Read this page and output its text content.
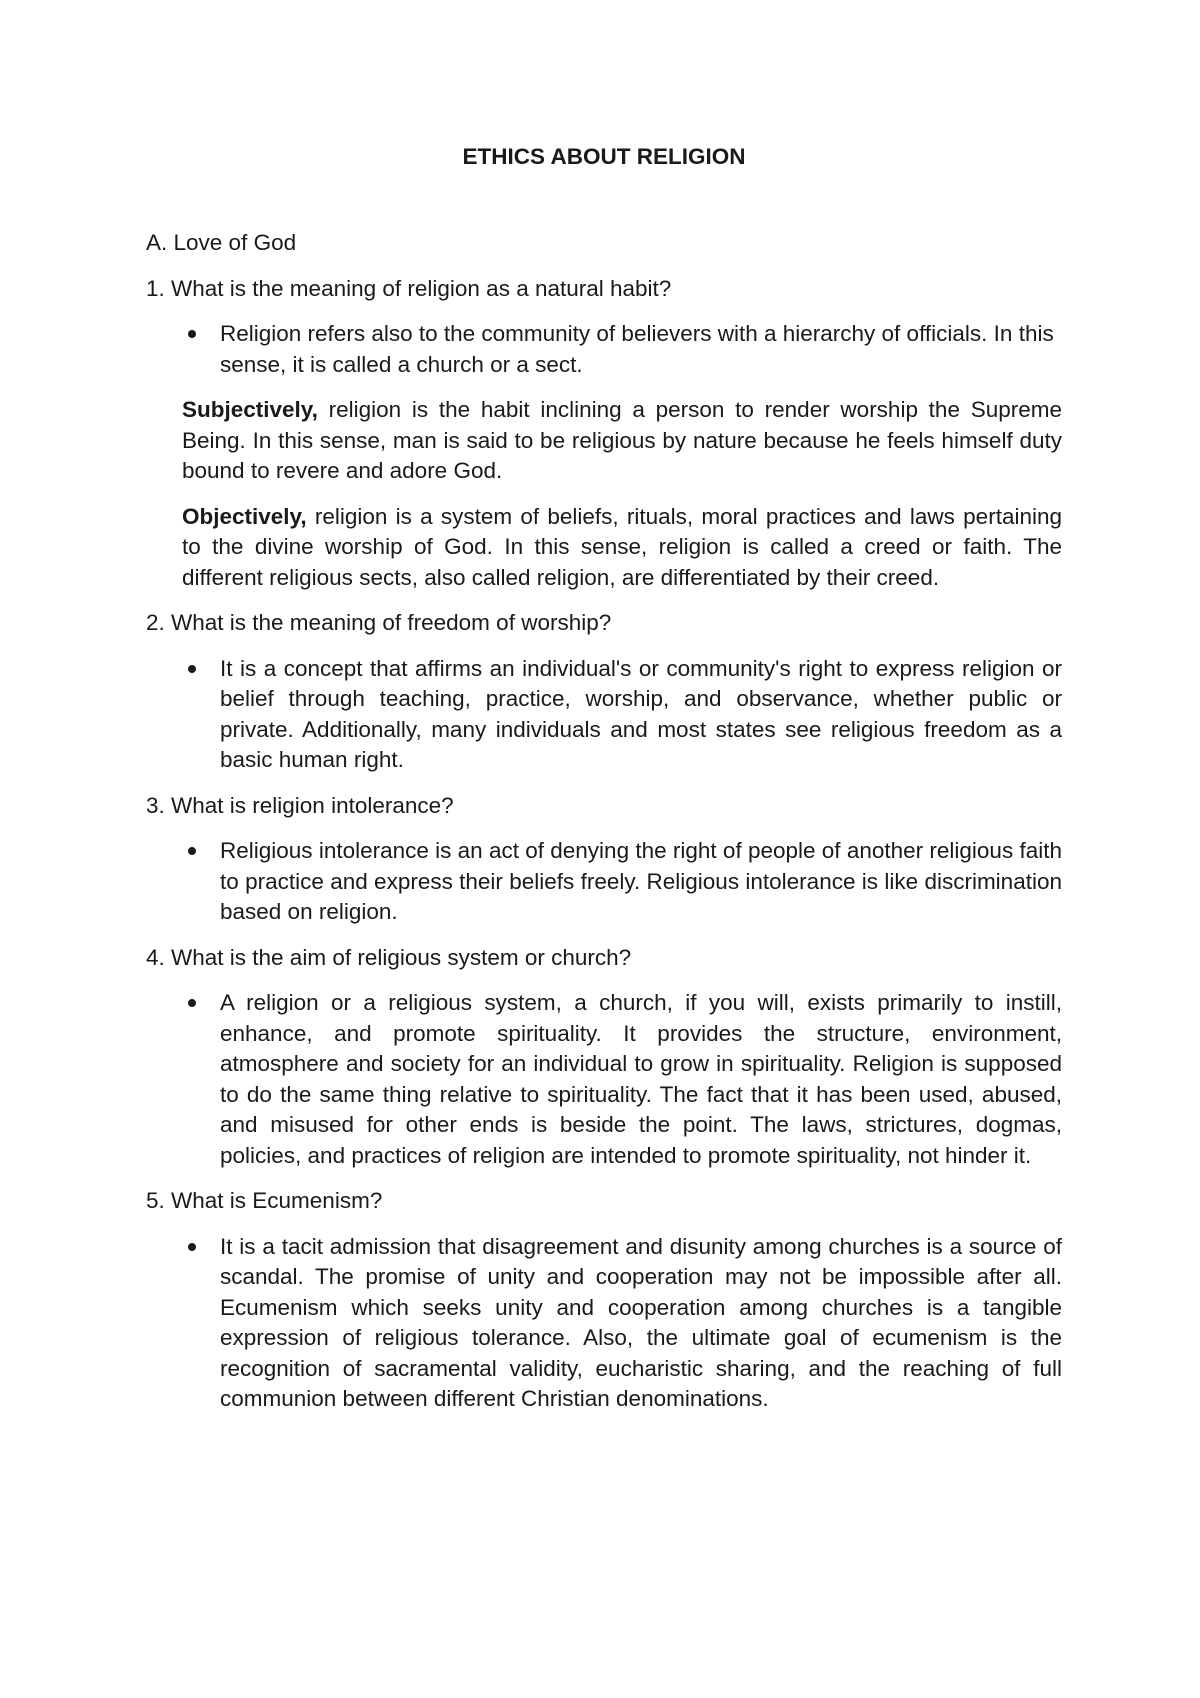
ETHICS ABOUT RELIGION
A. Love of God
1. What is the meaning of religion as a natural habit?
Religion refers also to the community of believers with a hierarchy of officials. In this sense, it is called a church or a sect.
Subjectively, religion is the habit inclining a person to render worship the Supreme Being. In this sense, man is said to be religious by nature because he feels himself duty bound to revere and adore God.
Objectively, religion is a system of beliefs, rituals, moral practices and laws pertaining to the divine worship of God. In this sense, religion is called a creed or faith. The different religious sects, also called religion, are differentiated by their creed.
2. What is the meaning of freedom of worship?
It is a concept that affirms an individual's or community's right to express religion or belief through teaching, practice, worship, and observance, whether public or private. Additionally, many individuals and most states see religious freedom as a basic human right.
3. What is religion intolerance?
Religious intolerance is an act of denying the right of people of another religious faith to practice and express their beliefs freely. Religious intolerance is like discrimination based on religion.
4. What is the aim of religious system or church?
A religion or a religious system, a church, if you will, exists primarily to instill, enhance, and promote spirituality. It provides the structure, environment, atmosphere and society for an individual to grow in spirituality. Religion is supposed to do the same thing relative to spirituality. The fact that it has been used, abused, and misused for other ends is beside the point. The laws, strictures, dogmas, policies, and practices of religion are intended to promote spirituality, not hinder it.
5. What is Ecumenism?
It is a tacit admission that disagreement and disunity among churches is a source of scandal. The promise of unity and cooperation may not be impossible after all. Ecumenism which seeks unity and cooperation among churches is a tangible expression of religious tolerance. Also, the ultimate goal of ecumenism is the recognition of sacramental validity, eucharistic sharing, and the reaching of full communion between different Christian denominations.
